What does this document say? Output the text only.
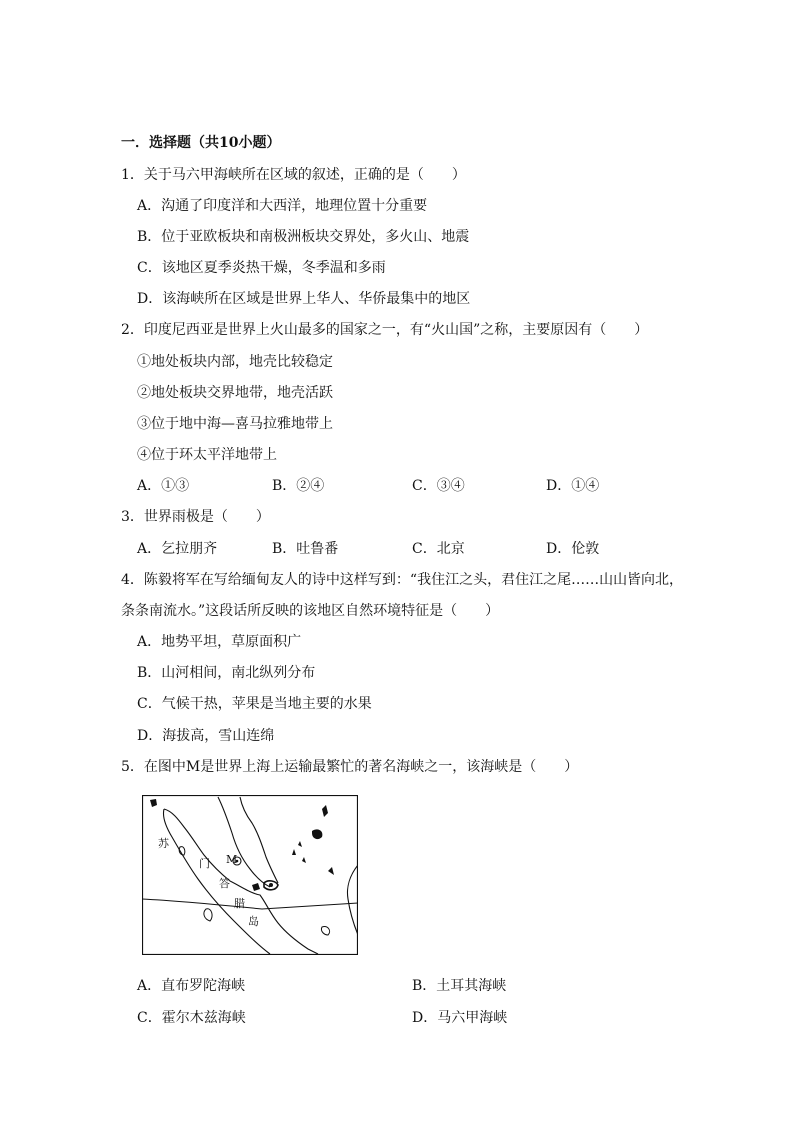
一．选择题（共10小题）
1．关于马六甲海峡所在区域的叙述，正确的是（　　）
A．沟通了印度洋和大西洋，地理位置十分重要
B．位于亚欧板块和南极洲板块交界处，多火山、地震
C．该地区夏季炎热干燥，冬季温和多雨
D．该海峡所在区域是世界上华人、华侨最集中的地区
2．印度尼西亚是世界上火山最多的国家之一，有“火山国”之称，主要原因有（　　）
①地处板块内部，地壳比较稳定
②地处板块交界地带，地壳活跃
③位于地中海—喜马拉雅地带上
④位于环太平洋地带上
A．①③	B．②④	C．③④	D．①④
3．世界雨极是（　　）
A．乞拉朋齐	B．吐鲁番	C．北京	D．伦敦
4．陈毅将军在写给缅甸友人的诗中这样写到：“我住江之头，君住江之尾……山山皆向北，
条条南流水。”这段话所反映的该地区自然环境特征是（　　）
A．地势平坦，草原面积广
B．山河相间，南北纵列分布
C．气候干热，苹果是当地主要的水果
D．海拔高，雪山连绵
5．在图中M是世界上海上运输最繁忙的著名海峡之一，该海峡是（　　）
苏
门
答
腊
岛
M
A．直布罗陀海峡	B．土耳其海峡
C．霍尔木兹海峡	D．马六甲海峡
